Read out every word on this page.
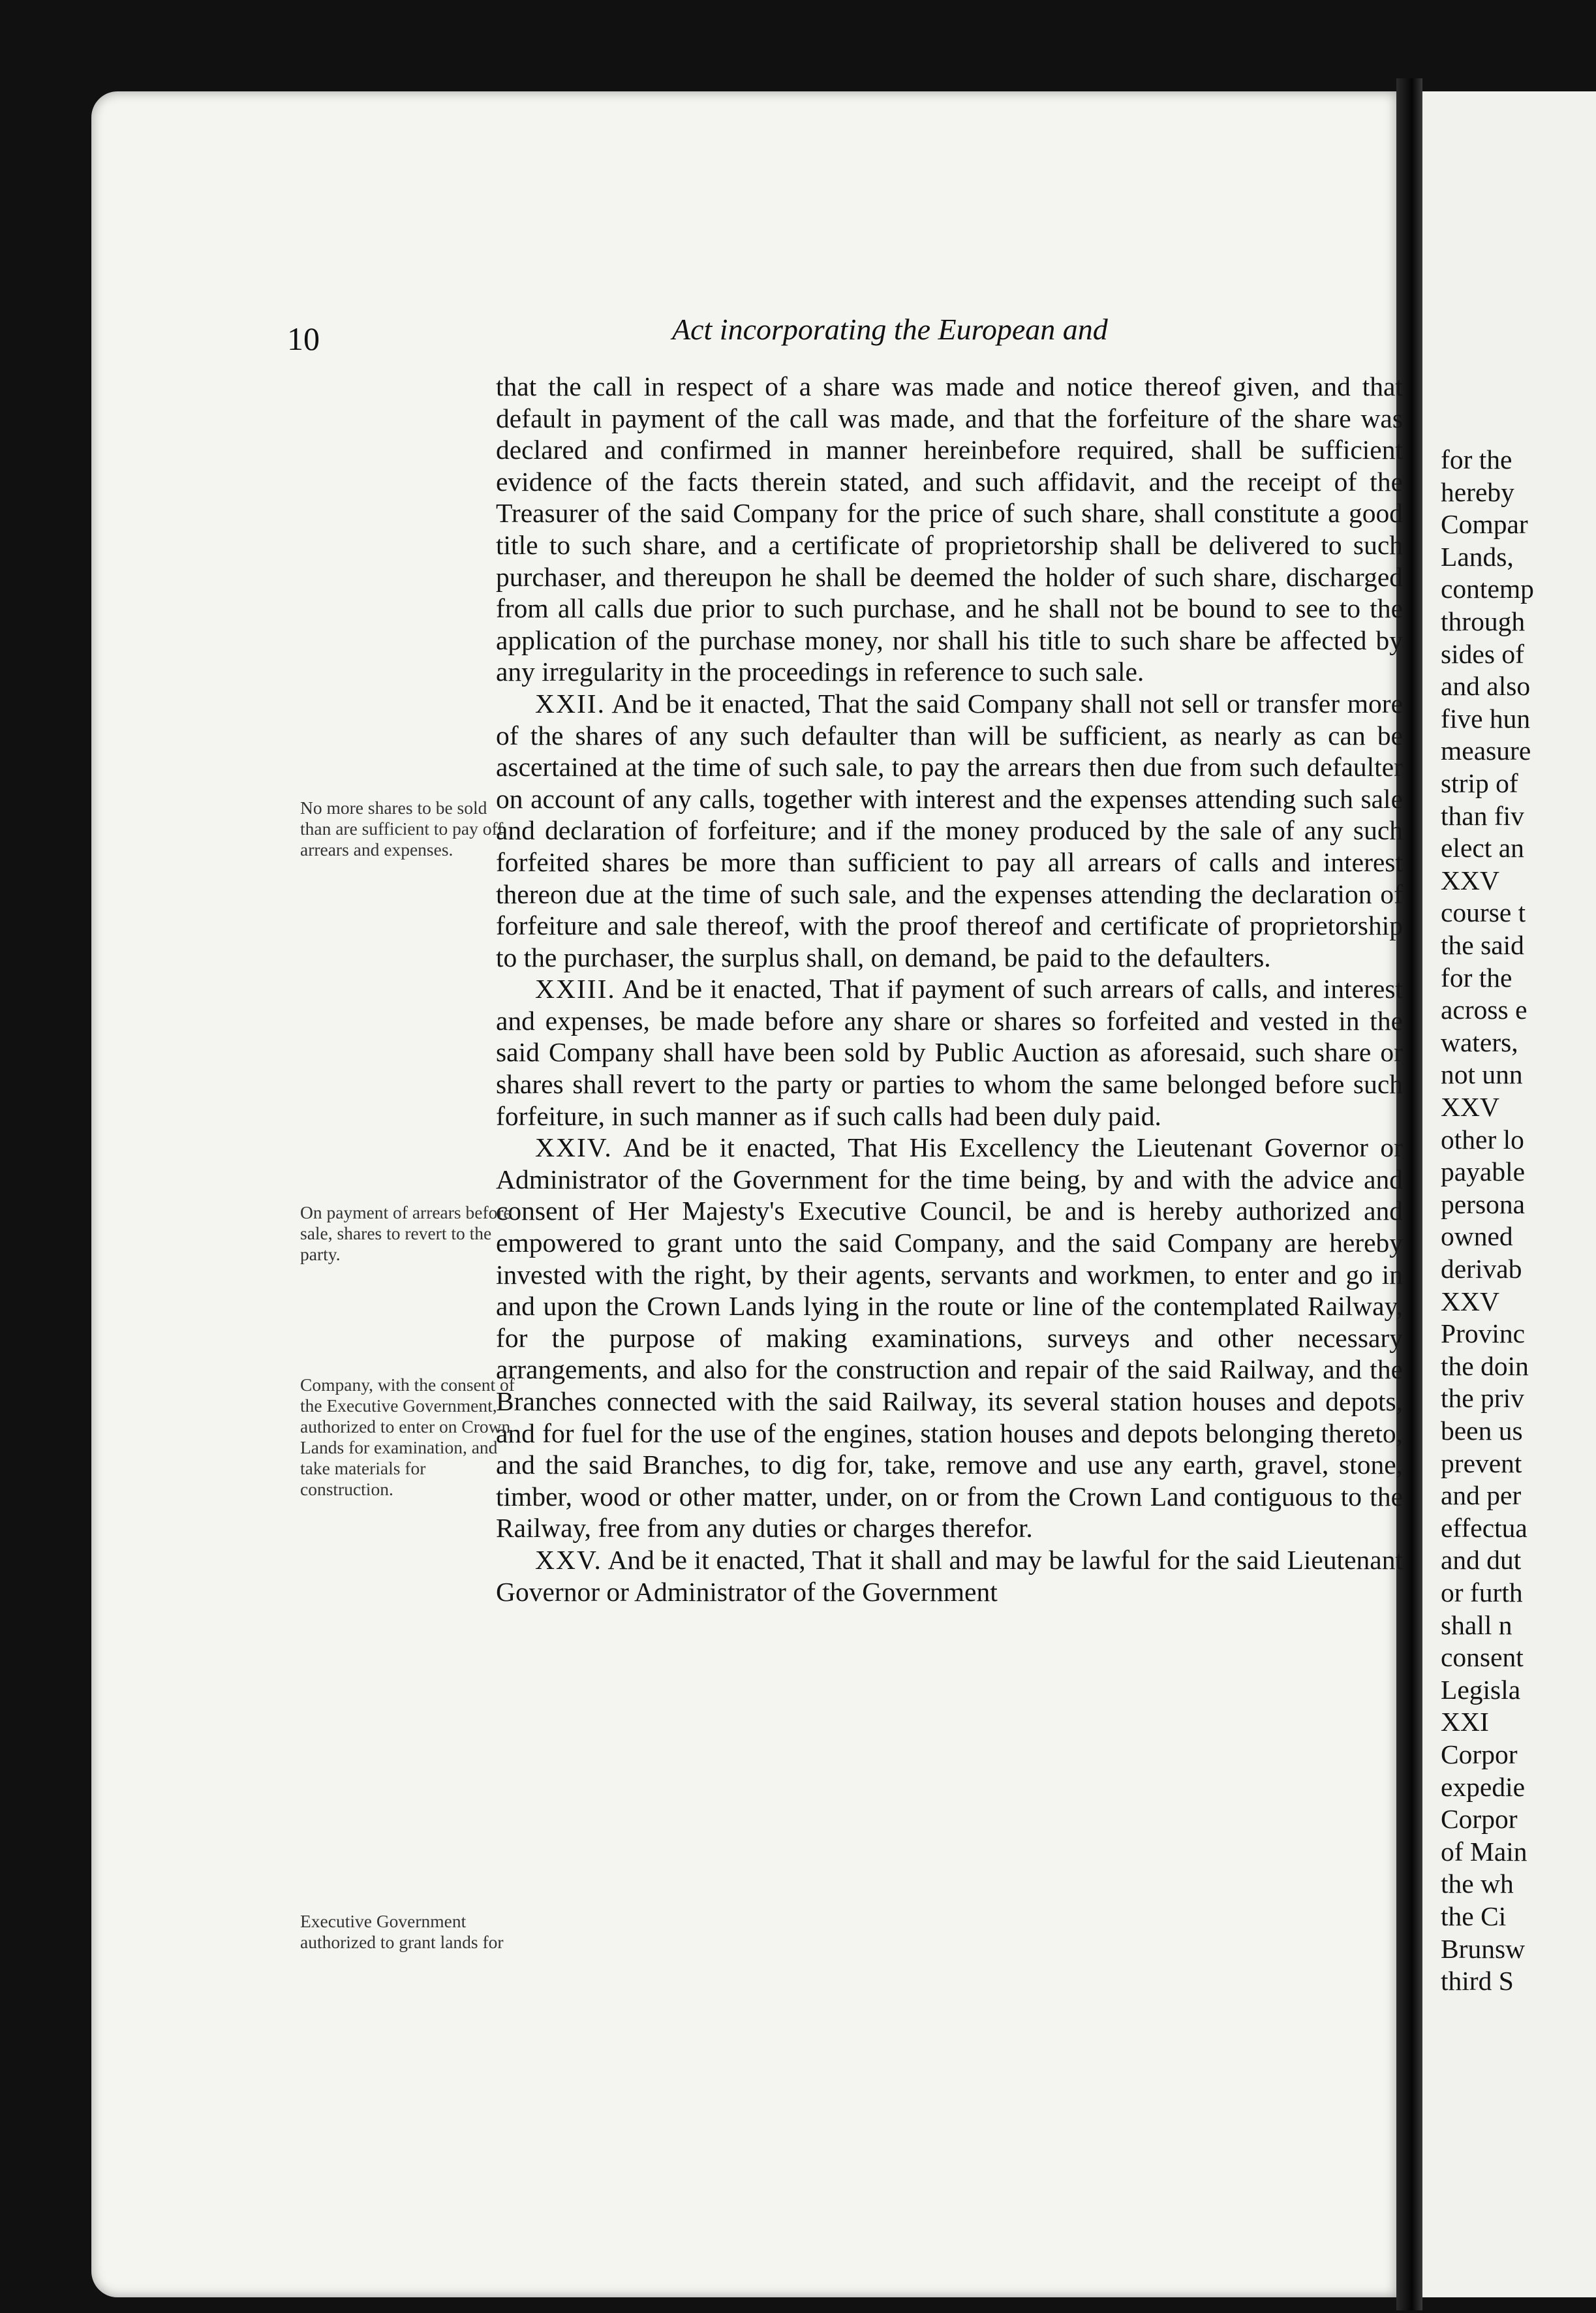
for the
hereby
Compar
Lands,
contemp
through
sides of
and also
five hun
measure
strip of
than fiv
elect an
XXV
course t
the said
for the
across e
waters,
not unn
XXV
other lo
payable
persona
owned
derivab
XXV
Provinc
the doin
the priv
been us
prevent
and per
effectua
and dut
or furth
shall n
consent
Legisla
XXI
Corpor
expedie
Corpor
of Main
the wh
the Ci
Brunsw
third S
10	Act incorporating the European and

that the call in respect of a share was made and notice thereof given, and that default in payment of the call was made, and that the forfeiture of the share was declared and confirmed in manner hereinbefore required, shall be sufficient evidence of the facts therein stated, and such affidavit, and the receipt of the Treasurer of the said Company for the price of such share, shall constitute a good title to such share, and a certificate of proprietorship shall be delivered to such purchaser, and thereupon he shall be deemed the holder of such share, discharged from all calls due prior to such purchase, and he shall not be bound to see to the application of the purchase money, nor shall his title to such share be affected by any irregularity in the proceedings in reference to such sale.

XXII. And be it enacted, That the said Company shall not sell or transfer more of the shares of any such defaulter than will be sufficient, as nearly as can be ascertained at the time of such sale, to pay the arrears then due from such defaulter on account of any calls, together with interest and the expenses attending such sale and declaration of forfeiture; and if the money produced by the sale of any such forfeited shares be more than sufficient to pay all arrears of calls and interest thereon due at the time of such sale, and the expenses attending the declaration of forfeiture and sale thereof, with the proof thereof and certificate of proprietorship to the purchaser, the surplus shall, on demand, be paid to the defaulters.

XXIII. And be it enacted, That if payment of such arrears of calls, and interest and expenses, be made before any share or shares so forfeited and vested in the said Company shall have been sold by Public Auction as aforesaid, such share or shares shall revert to the party or parties to whom the same belonged before such forfeiture, in such manner as if such calls had been duly paid.

XXIV. And be it enacted, That His Excellency the Lieutenant Governor or Administrator of the Government for the time being, by and with the advice and consent of Her Majesty's Executive Council, be and is hereby authorized and empowered to grant unto the said Company, and the said Company are hereby invested with the right, by their agents, servants and workmen, to enter and go in and upon the Crown Lands lying in the route or line of the contemplated Railway, for the purpose of making examinations, surveys and other necessary arrangements, and also for the construction and repair of the said Railway, and the Branches connected with the said Railway, its several station houses and depots, and for fuel for the use of the engines, station houses and depots belonging thereto, and the said Branches, to dig for, take, remove and use any earth, gravel, stone, timber, wood or other matter, under, on or from the Crown Land contiguous to the Railway, free from any duties or charges therefor.

XXV. And be it enacted, That it shall and may be lawful for the said Lieutenant Governor or Administrator of the Government

No more shares to be sold than are sufficient to pay off arrears and expenses.
On payment of arrears before sale, shares to revert to the party.
Company, with the consent of the Executive Government, authorized to enter on Crown Lands for examination, and take materials for construction.
Executive Government authorized to grant lands for
